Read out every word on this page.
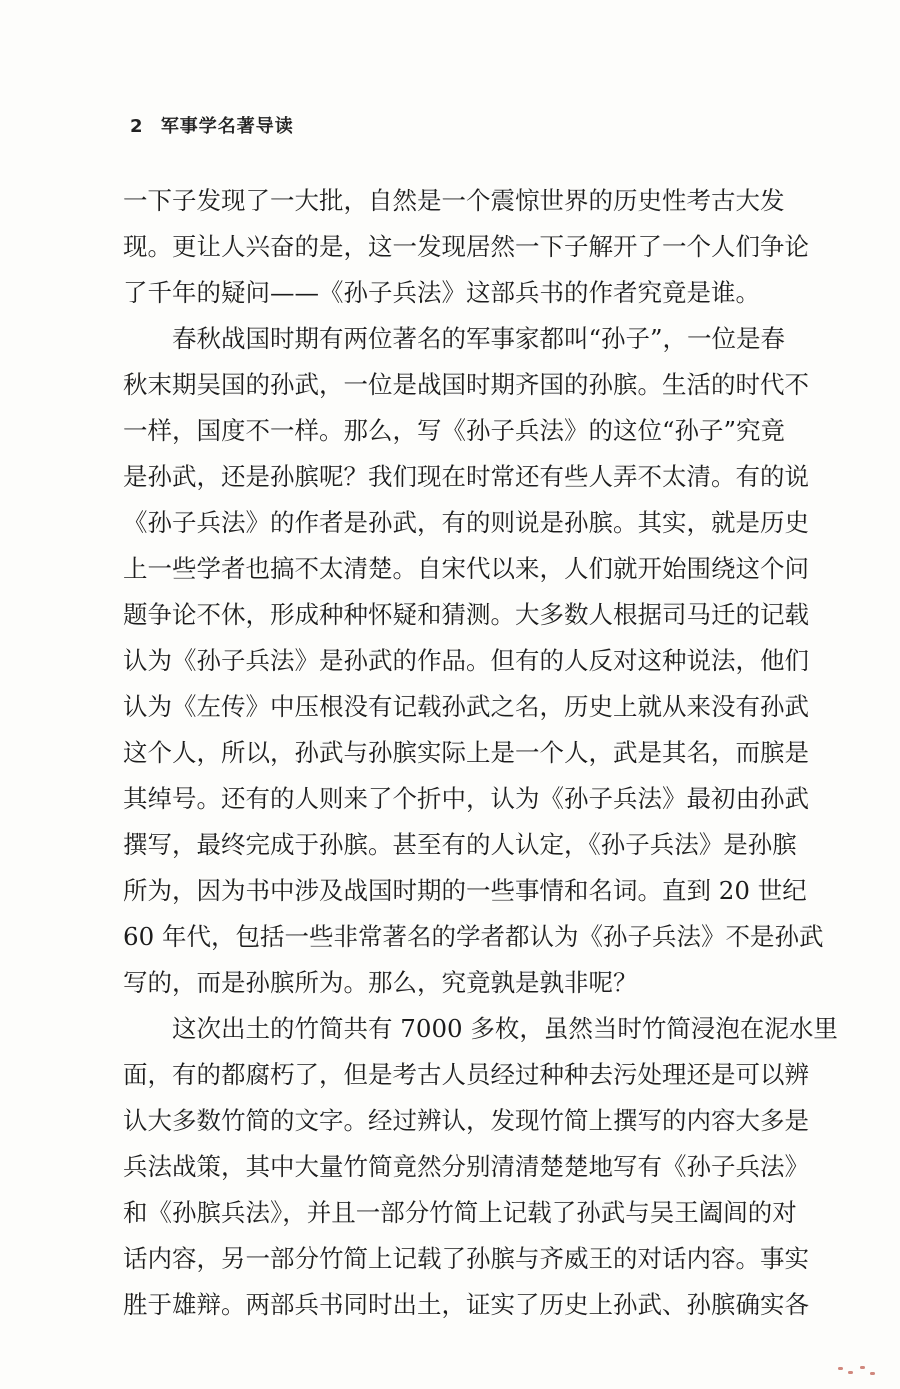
2 军事学名著导读
一下子发现了一大批，自然是一个震惊世界的历史性考古大发
现。更让人兴奋的是，这一发现居然一下子解开了一个人们争论
了千年的疑问——《孙子兵法》这部兵书的作者究竟是谁。
春秋战国时期有两位著名的军事家都叫“孙子”，一位是春
秋末期吴国的孙武，一位是战国时期齐国的孙膑。生活的时代不
一样，国度不一样。那么，写《孙子兵法》的这位“孙子”究竟
是孙武，还是孙膑呢？我们现在时常还有些人弄不太清。有的说
《孙子兵法》的作者是孙武，有的则说是孙膑。其实，就是历史
上一些学者也搞不太清楚。自宋代以来，人们就开始围绕这个问
题争论不休，形成种种怀疑和猜测。大多数人根据司马迁的记载
认为《孙子兵法》是孙武的作品。但有的人反对这种说法，他们
认为《左传》中压根没有记载孙武之名，历史上就从来没有孙武
这个人，所以，孙武与孙膑实际上是一个人，武是其名，而膑是
其绰号。还有的人则来了个折中，认为《孙子兵法》最初由孙武
撰写，最终完成于孙膑。甚至有的人认定，《孙子兵法》是孙膑
所为，因为书中涉及战国时期的一些事情和名词。直到 20 世纪
60 年代，包括一些非常著名的学者都认为《孙子兵法》不是孙武
写的，而是孙膑所为。那么，究竟孰是孰非呢？
这次出土的竹简共有 7000 多枚，虽然当时竹简浸泡在泥水里
面，有的都腐朽了，但是考古人员经过种种去污处理还是可以辨
认大多数竹简的文字。经过辨认，发现竹简上撰写的内容大多是
兵法战策，其中大量竹简竟然分别清清楚楚地写有《孙子兵法》
和《孙膑兵法》，并且一部分竹简上记载了孙武与吴王阖闾的对
话内容，另一部分竹简上记载了孙膑与齐威王的对话内容。事实
胜于雄辩。两部兵书同时出土，证实了历史上孙武、孙膑确实各
